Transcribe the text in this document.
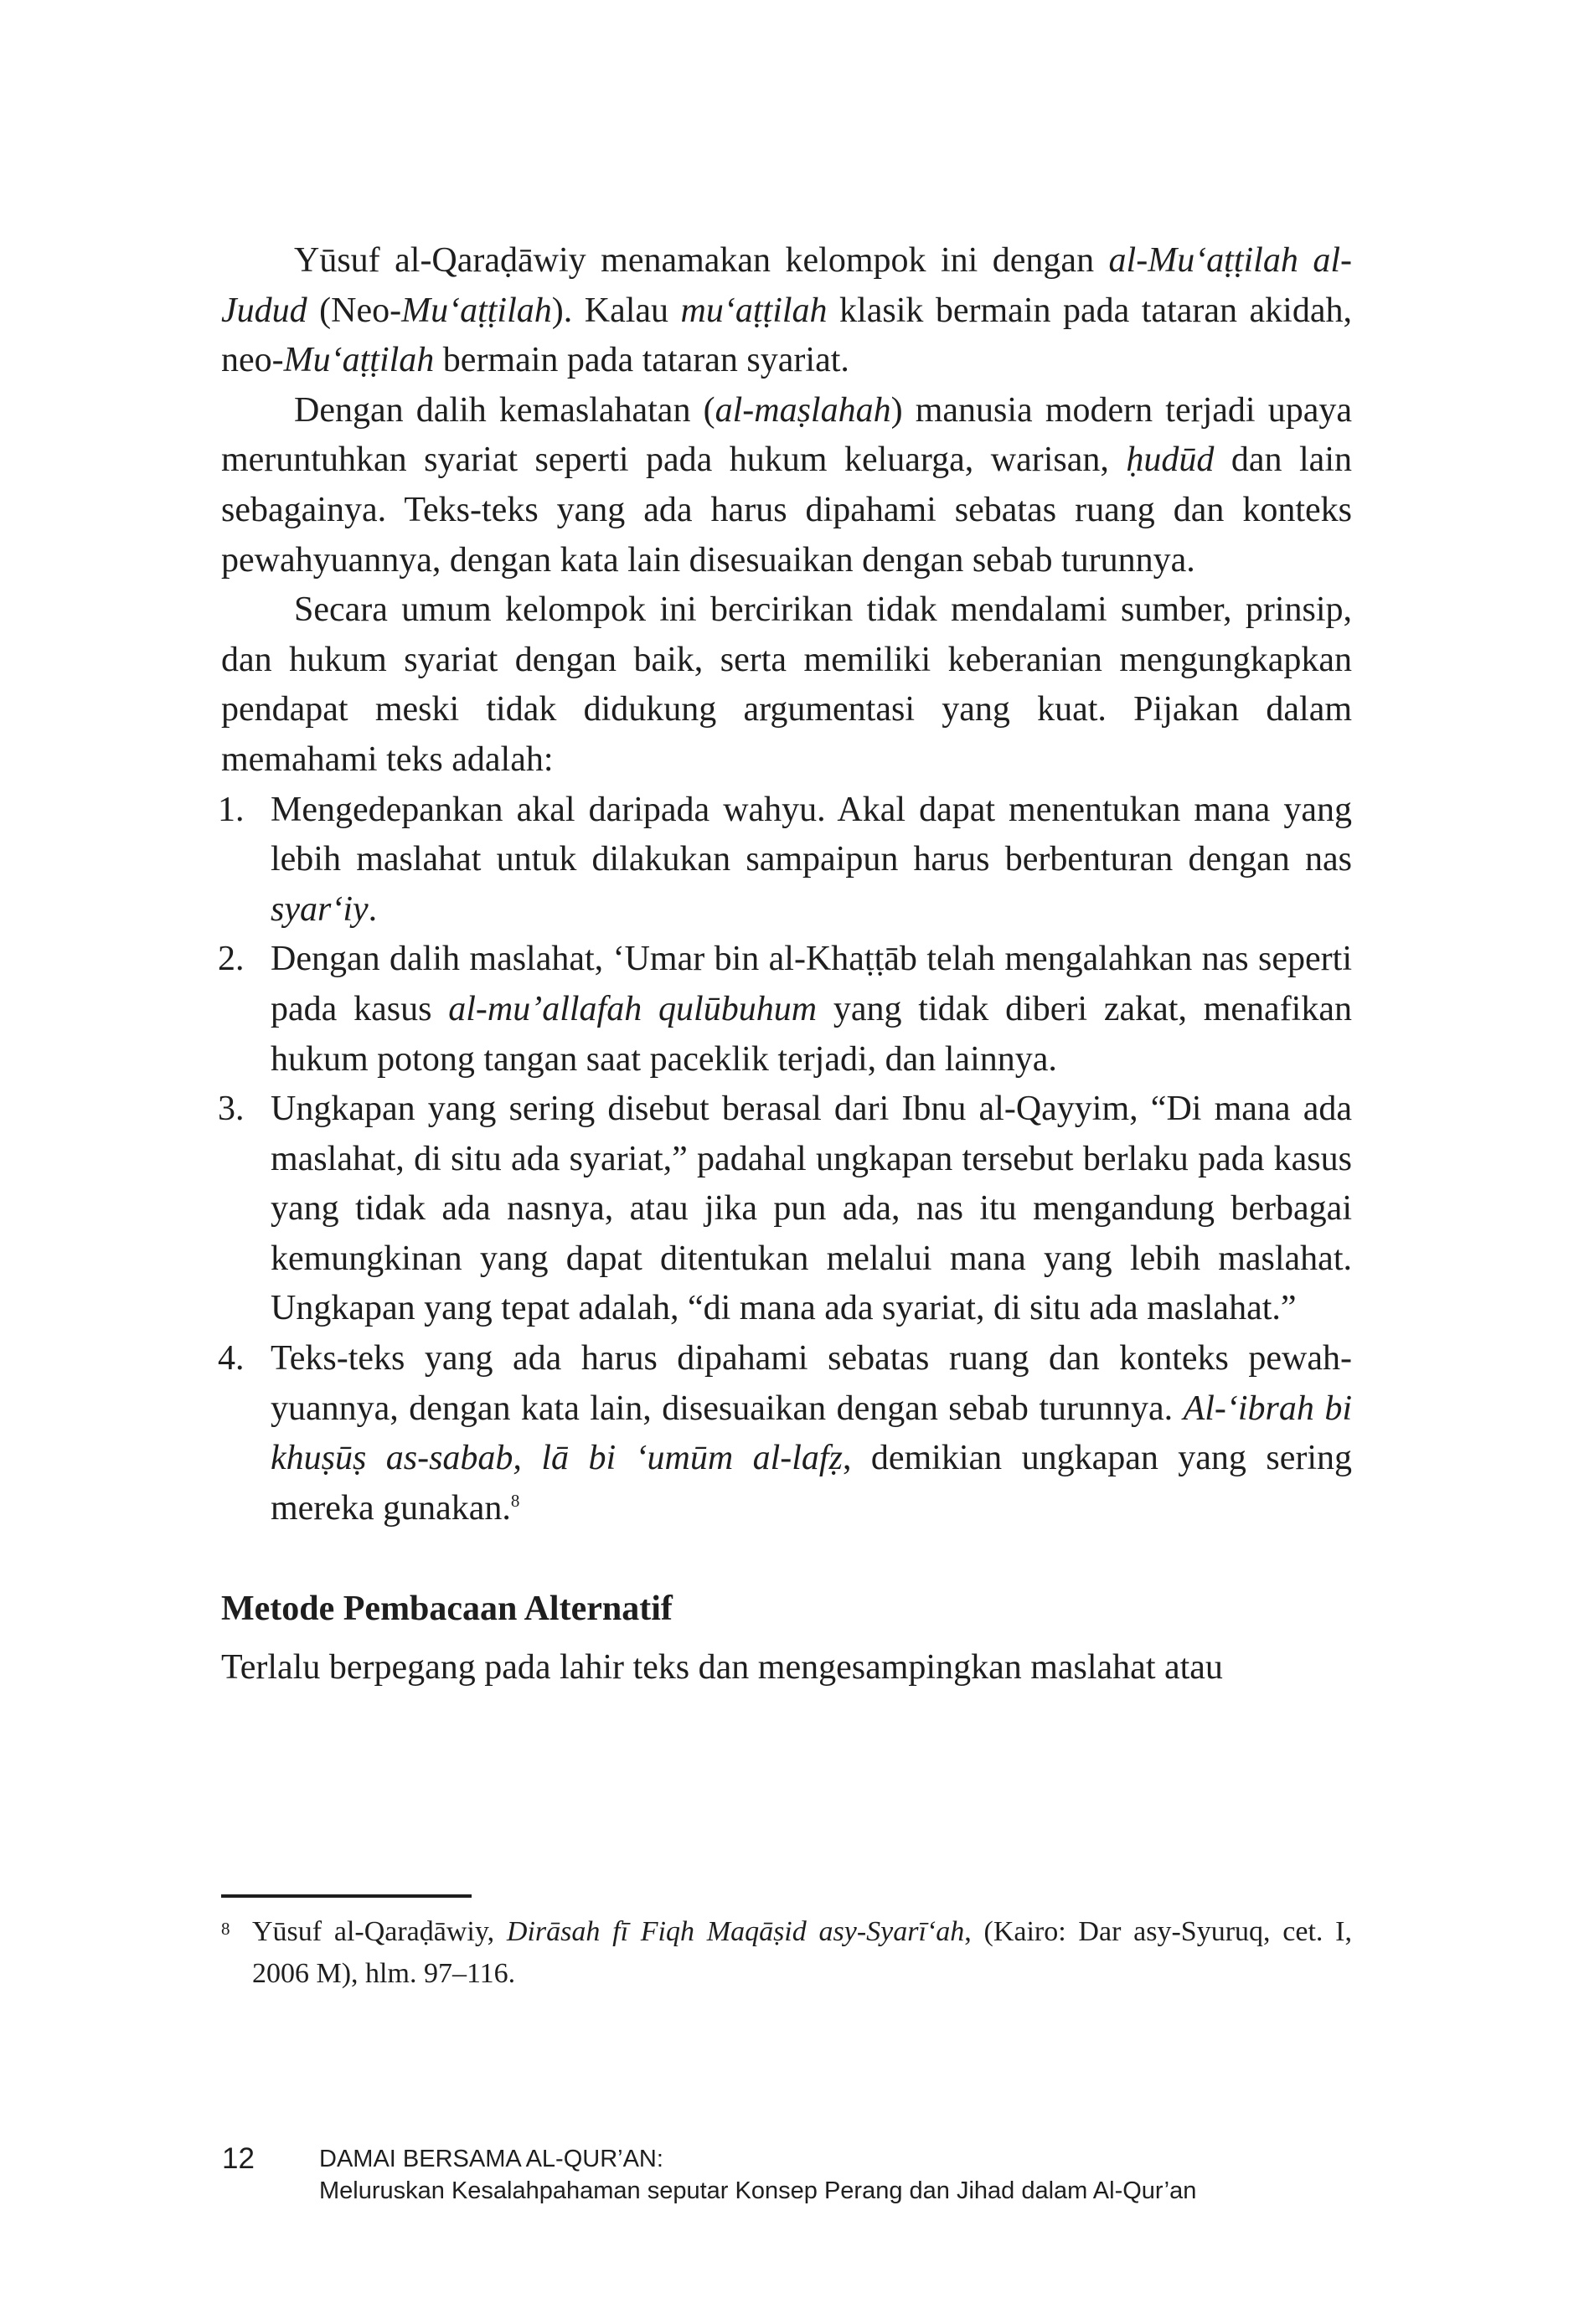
Yūsuf al-Qaraḍāwiy menamakan kelompok ini dengan al-Mu‘aṭṭilah al-Judud (Neo-Mu‘aṭṭilah). Kalau mu‘aṭṭilah klasik bermain pada tataran akidah, neo-Mu‘aṭṭilah bermain pada tataran syariat.

Dengan dalih kemaslahatan (al-maṣlahah) manusia modern terjadi upaya meruntuhkan syariat seperti pada hukum keluarga, warisan, ḥudūd dan lain sebagainya. Teks-teks yang ada harus dipahami sebatas ruang dan konteks pewahyuannya, dengan kata lain disesuaikan dengan sebab turunnya.

Secara umum kelompok ini bercirikan tidak mendalami sumber, prinsip, dan hukum syariat dengan baik, serta memiliki keberanian mengungkapkan pendapat meski tidak didukung argumentasi yang kuat. Pijakan dalam memahami teks adalah:

1. Mengedepankan akal daripada wahyu. Akal dapat menentukan mana yang lebih maslahat untuk dilakukan sampaipun harus berbenturan dengan nas syar‘iy.
2. Dengan dalih maslahat, ‘Umar bin al-Khaṭṭāb telah mengalahkan nas seperti pada kasus al-mu’allafah qulūbuhum yang tidak diberi zakat, menafikan hukum potong tangan saat paceklik terjadi, dan lainnya.
3. Ungkapan yang sering disebut berasal dari Ibnu al-Qayyim, “Di mana ada maslahat, di situ ada syariat,” padahal ungkapan tersebut berlaku pada kasus yang tidak ada nasnya, atau jika pun ada, nas itu mengandung berbagai kemungkinan yang dapat ditentukan melalui mana yang lebih maslahat. Ungkapan yang tepat adalah, “di mana ada syariat, di situ ada maslahat.”
4. Teks-teks yang ada harus dipahami sebatas ruang dan konteks pewahyuannya, dengan kata lain, disesuaikan dengan sebab turunnya. Al-‘ibrah bi khuṣūṣ as-sabab, lā bi ‘umūm al-lafẓ, demikian ungkapan yang sering mereka gunakan.$^8$
Metode Pembacaan Alternatif

Terlalu berpegang pada lahir teks dan mengesampingkan maslahat atau

8 Yūsuf al-Qaraḍāwiy, Dirāsah fī Fiqh Maqāṣid asy-Syarī‘ah, (Kairo: Dar asy-Syuruq, cet. I, 2006 M), hlm. 97–116.
12	DAMAI BERSAMA AL-QUR’AN:
Meluruskan Kesalahpahaman seputar Konsep Perang dan Jihad dalam Al-Qur’an
